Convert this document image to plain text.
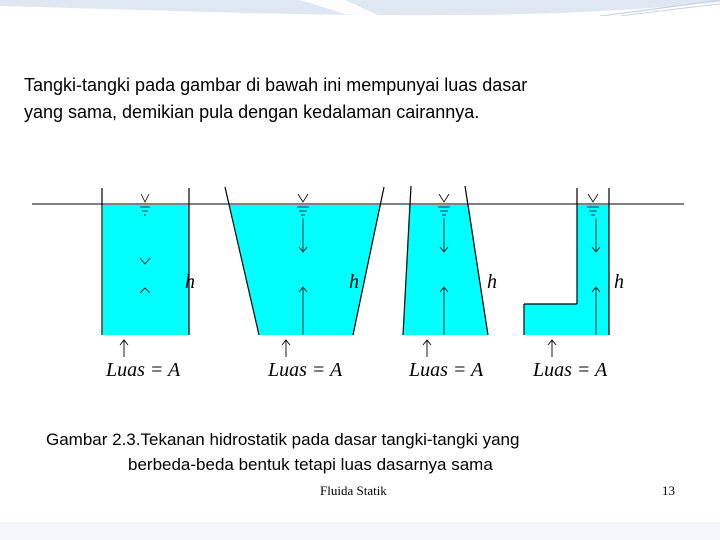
Tangki-tangki pada gambar di bawah ini mempunyai luas dasar
yang sama, demikian pula dengan kedalaman cairannya.
h
Luas = A
h
Luas = A
h
Luas = A
h
Luas = A
Gambar 2.3.Tekanan hidrostatik pada dasar tangki-tangki yang
berbeda-beda bentuk tetapi luas dasarnya sama
Fluida Statik	13
